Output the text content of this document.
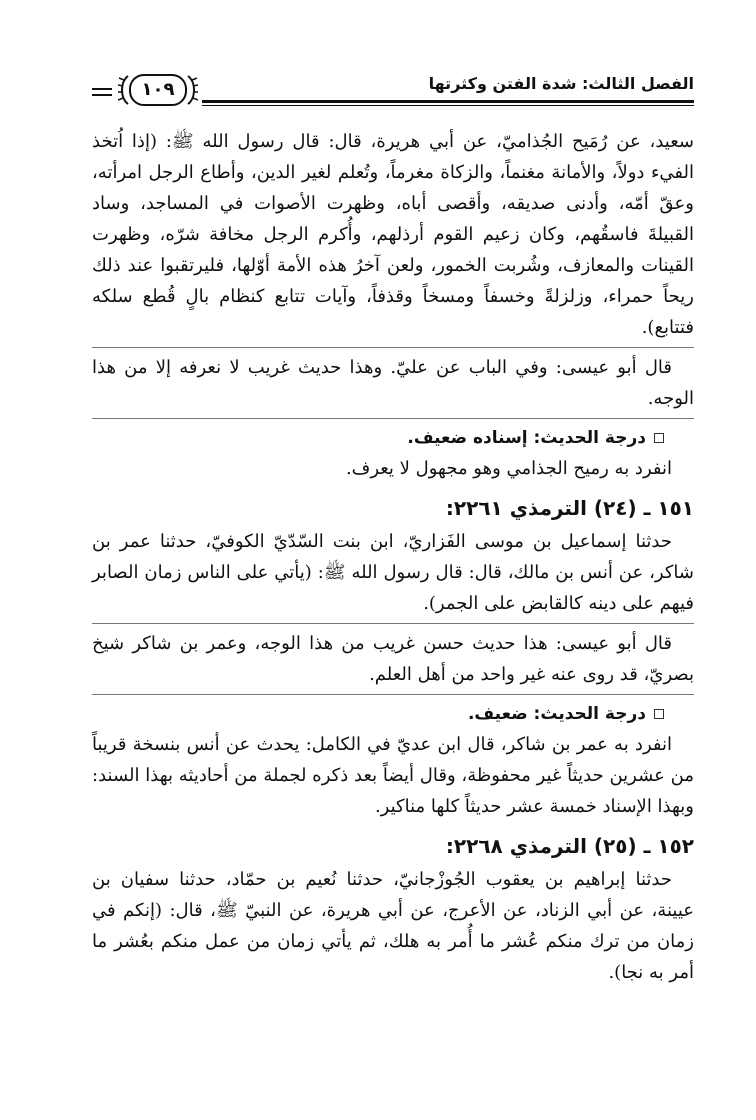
الفصل الثالث: شدة الفتن وكثرتها
١٠٩

سعيد، عن رُمَيح الجُذاميّ، عن أبي هريرة، قال: قال رسول الله ﷺ: (إذا اُتخذ الفيء دولاً، والأمانة مغنماً، والزكاة مغرماً، وتُعلم لغير الدين، وأطاع الرجل امرأته، وعقّ أمّه، وأدنى صديقه، وأقصى أباه، وظهرت الأصوات في المساجد، وساد القبيلةَ فاسقُهم، وكان زعيم القوم أرذلهم، وأُكرم الرجل مخافة شرّه، وظهرت القينات والمعازف، وشُربت الخمور، ولعن آخرُ هذه الأمة أوّلها، فليرتقبوا عند ذلك ريحاً حمراء، وزلزلةً وخسفاً ومسخاً وقذفاً، وآيات تتابع كنظام بالٍ قُطع سلكه فتتابع).

قال أبو عيسى: وفي الباب عن عليّ. وهذا حديث غريب لا نعرفه إلا من هذا الوجه.

درجة الحديث: إسناده ضعيف.

انفرد به رميح الجذامي وهو مجهول لا يعرف.

١٥١ ـ (٢٤) الترمذي ٢٢٦١:

حدثنا إسماعيل بن موسى الفَزاريّ، ابن بنت السّدّيّ الكوفيّ، حدثنا عمر بن شاكر، عن أنس بن مالك، قال: قال رسول الله ﷺ: (يأتي على الناس زمان الصابر فيهم على دينه كالقابض على الجمر).

قال أبو عيسى: هذا حديث حسن غريب من هذا الوجه، وعمر بن شاكر شيخ بصريّ، قد روى عنه غير واحد من أهل العلم.

درجة الحديث: ضعيف.

انفرد به عمر بن شاكر، قال ابن عديّ في الكامل: يحدث عن أنس بنسخة قريباً من عشرين حديثاً غير محفوظة، وقال أيضاً بعد ذكره لجملة من أحاديثه بهذا السند: وبهذا الإسناد خمسة عشر حديثاً كلها مناكير.

١٥٢ ـ (٢٥) الترمذي ٢٢٦٨:

حدثنا إبراهيم بن يعقوب الجُوزْجانيّ، حدثنا نُعيم بن حمّاد، حدثنا سفيان بن عيينة، عن أبي الزناد، عن الأعرج، عن أبي هريرة، عن النبيّ ﷺ، قال: (إنكم في زمان من ترك منكم عُشر ما أُمر به هلك، ثم يأتي زمان من عمل منكم بعُشر ما أمر به نجا).
